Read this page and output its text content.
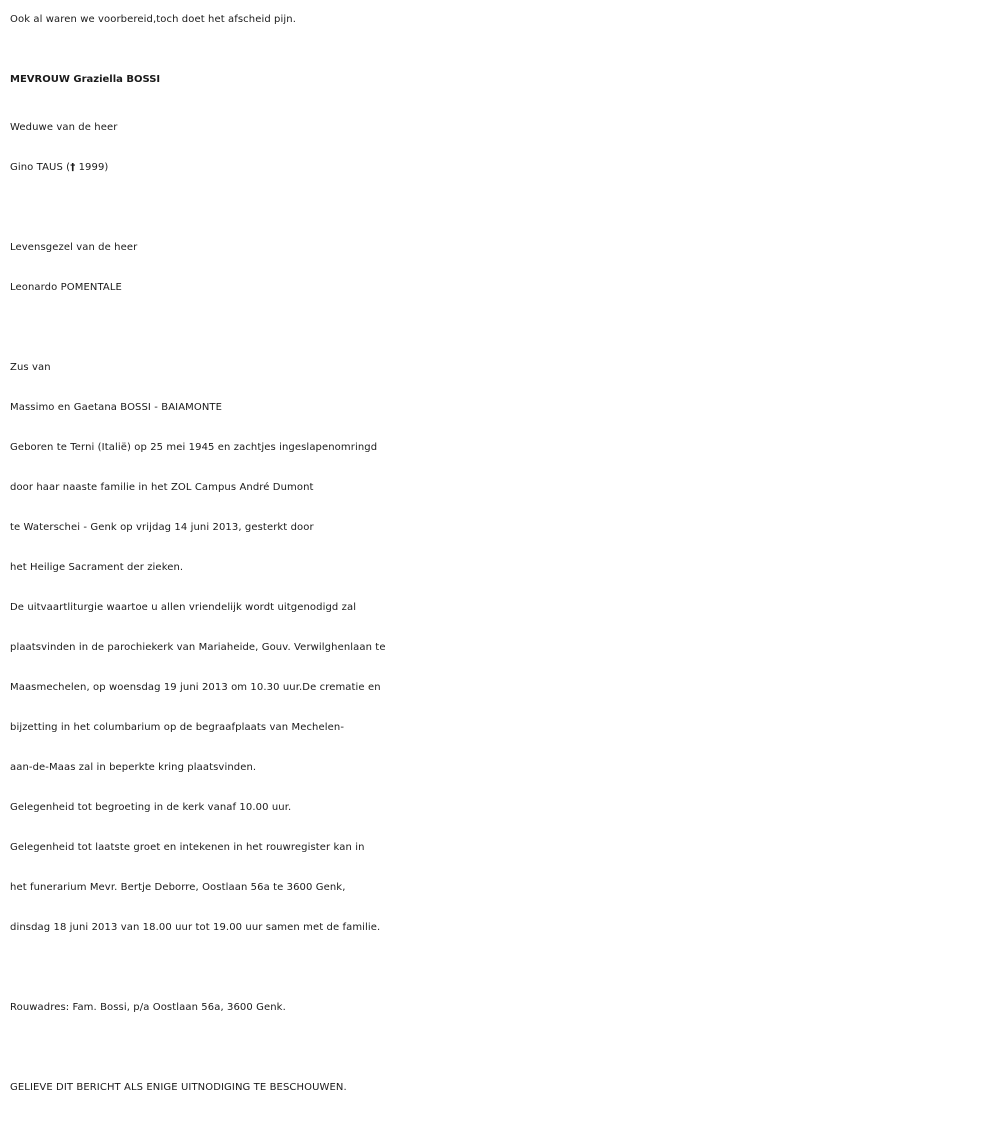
Ook al waren we voorbereid,toch doet het afscheid pijn.
MEVROUW Graziella BOSSI
Weduwe van de heer
Gino TAUS († 1999)
Levensgezel van de heer
Leonardo POMENTALE
Zus van
Massimo en Gaetana BOSSI - BAIAMONTE
Geboren te Terni (Italië) op 25 mei 1945 en zachtjes ingeslapenomringd
door haar naaste familie in het ZOL Campus André Dumont
te Waterschei - Genk op vrijdag 14 juni 2013, gesterkt door
het Heilige Sacrament der zieken.
De uitvaartliturgie waartoe u allen vriendelijk wordt uitgenodigd zal
plaatsvinden in de parochiekerk van Mariaheide, Gouv. Verwilghenlaan te
Maasmechelen, op woensdag 19 juni 2013 om 10.30 uur.De crematie en
bijzetting in het columbarium op de begraafplaats van Mechelen-
aan-de-Maas zal in beperkte kring plaatsvinden.
Gelegenheid tot begroeting in de kerk vanaf 10.00 uur.
Gelegenheid tot laatste groet en intekenen in het rouwregister kan in
het funerarium Mevr. Bertje Deborre, Oostlaan 56a te 3600 Genk,
dinsdag 18 juni 2013 van 18.00 uur tot 19.00 uur samen met de familie.
Rouwadres: Fam. Bossi, p/a Oostlaan 56a, 3600 Genk.
GELIEVE DIT BERICHT ALS ENIGE UITNODIGING TE BESCHOUWEN.
